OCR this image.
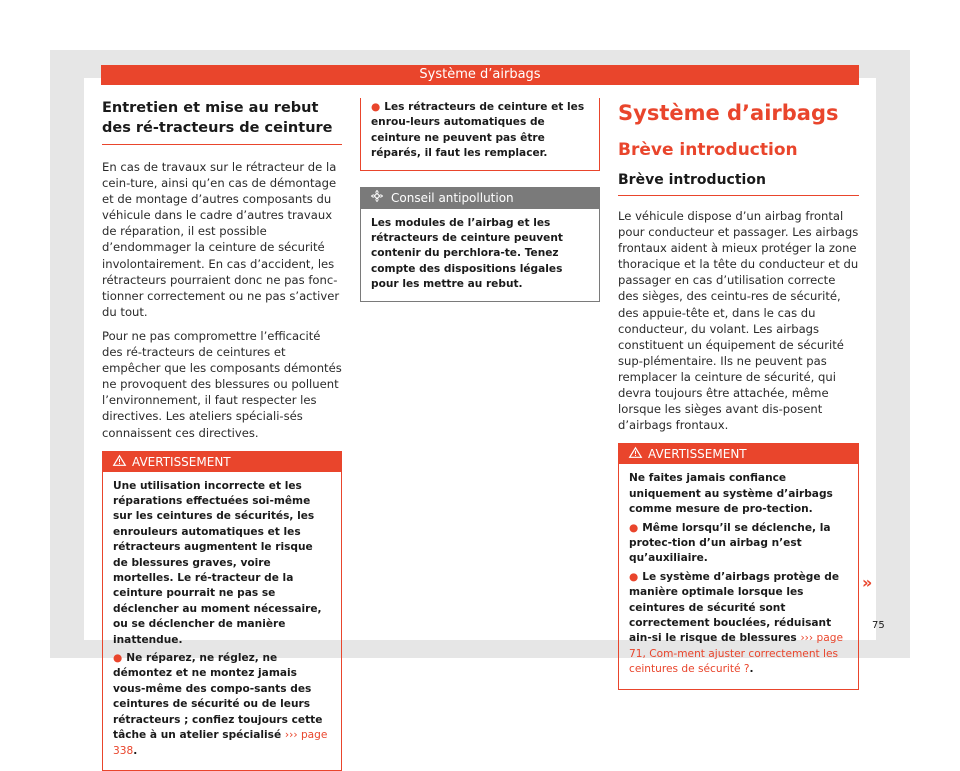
Système d’airbags
Entretien et mise au rebut des ré-tracteurs de ceinture

En cas de travaux sur le rétracteur de la cein-ture, ainsi qu’en cas de démontage et de montage d’autres composants du véhicule dans le cadre d’autres travaux de réparation, il est possible d’endommager la ceinture de sécurité involontairement. En cas d’accident, les rétracteurs pourraient donc ne pas fonc-tionner correctement ou ne pas s’activer du tout.

Pour ne pas compromettre l’efficacité des ré-tracteurs de ceintures et empêcher que les composants démontés ne provoquent des blessures ou polluent l’environnement, il faut respecter les directives. Les ateliers spéciali-sés connaissent ces directives.

AVERTISSEMENT

Une utilisation incorrecte et les réparations effectuées soi-même sur les ceintures de sécurités, les enrouleurs automatiques et les rétracteurs augmentent le risque de blessures graves, voire mortelles. Le ré-tracteur de la ceinture pourrait ne pas se déclencher au moment nécessaire, ou se déclencher de manière inattendue.

● Ne réparez, ne réglez, ne démontez et ne montez jamais vous-même des compo-sants des ceintures de sécurité ou de leurs rétracteurs ; confiez toujours cette tâche à un atelier spécialisé ››› page 338.

● Les rétracteurs de ceinture et les enrou-leurs automatiques de ceinture ne peuvent pas être réparés, il faut les remplacer.

Conseil antipollution
Les modules de l’airbag et les rétracteurs de ceinture peuvent contenir du perchlora-te. Tenez compte des dispositions légales pour les mettre au rebut.
Système d’airbags
Brève introduction
Brève introduction

Le véhicule dispose d’un airbag frontal pour conducteur et passager. Les airbags frontaux aident à mieux protéger la zone thoracique et la tête du conducteur et du passager en cas d’utilisation correcte des sièges, des ceintu-res de sécurité, des appuie-tête et, dans le cas du conducteur, du volant. Les airbags constituent un équipement de sécurité sup-plémentaire. Ils ne peuvent pas remplacer la ceinture de sécurité, qui devra toujours être attachée, même lorsque les sièges avant dis-posent d’airbags frontaux.

AVERTISSEMENT

Ne faites jamais confiance uniquement au système d’airbags comme mesure de pro-tection.

● Même lorsqu’il se déclenche, la protec-tion d’un airbag n’est qu’auxiliaire.

● Le système d’airbags protège de manière optimale lorsque les ceintures de sécurité sont correctement bouclées, réduisant ain-si le risque de blessures ››› page 71, Com-ment ajuster correctement les ceintures de sécurité ?.

»
75
